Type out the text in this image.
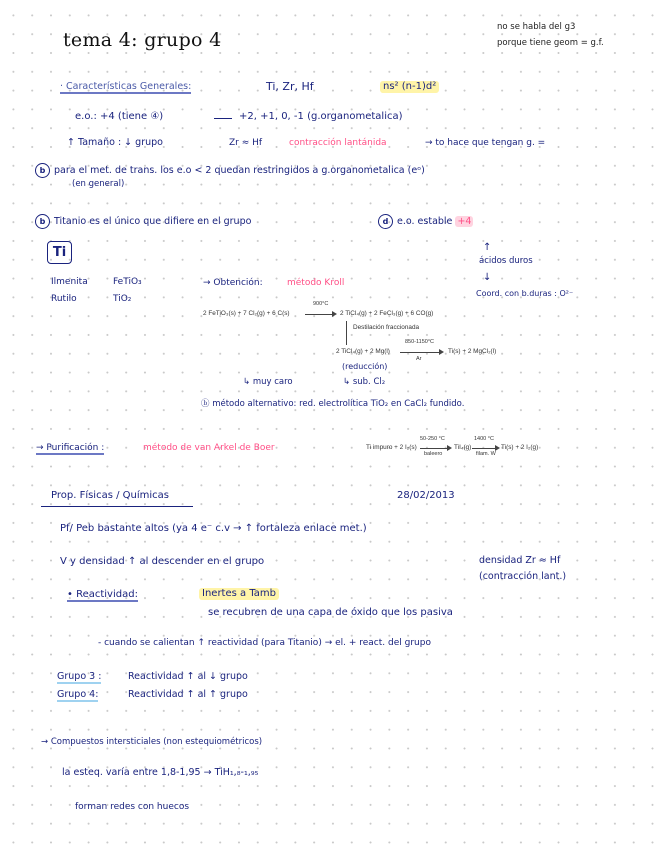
tema 4: grupo 4
no se habla del g3
porque tiene geom = g.f.
· Características Generales:	Ti, Zr, Hf	ns² (n-1)d²
e.o.: +4 (tiene ④)	+2, +1, 0, -1 (g.organometalica)
↑ Tamaño : ↓ grupo	Zr ≈ Hf	contracción lantánida	→ to hace que tengan g. =
b para el met. de trans. los e.o < 2 quedan restringidos a g.organometalica (eᵒ)
(en general)
b Titanio es el único que difiere en el grupo	d e.o. estable +4
Ti	↑
ácidos duros
↓
Coord. con b.duras : O²⁻
Ilmenita	FeTiO₃
Rutilo	TiO₂
→ Obtención:	método Kroll
2 FeTiO₃(s) + 7 Cl₂(g) + 6 C(s)
900°C
2 TiCl₄(g) + 2 FeCl₃(g) + 6 CO(g)
Destilación fraccionada
2 TiCl₄(g) + 2 Mg(l)
850-1150°C
Ar
Ti(s) + 2 MgCl₂(l)
(reducción)
↳ muy caro	↳ sub. Cl₂
ⓑ método alternativo: red. electrolítica TiO₂ en CaCl₂ fundido.
→ Purificación :	método de van Arkel de Boer	Ti impuro + 2 I₂(s)
50-250 °C
baleero
TiI₄(g)
1400 °C
filam. W
Ti(s) + 2 I₂(g)
Prop. Físicas / Químicas	28/02/2013
Pf/ Peb bastante altos (ya 4 e⁻ c.v → ↑ fortaleza enlace met.)
V y densidad ↑ al descender en el grupo	densidad Zr ≈ Hf
(contracción lant.)
• Reactividad:	Inertes a Tamb
se recubren de una capa de óxido que los pasiva
- cuando se calientan ↑ reactividad (para Titanio) → el. + react. del grupo
Grupo 3 :	Reactividad ↑ al ↓ grupo
Grupo 4:	Reactividad ↑ al ↑ grupo
→ Compuestos intersticiales (non estequiométricos)
la esteq. varía entre 1,8-1,95 → TiH₁,₈-₁,₉₅
forman redes con huecos
